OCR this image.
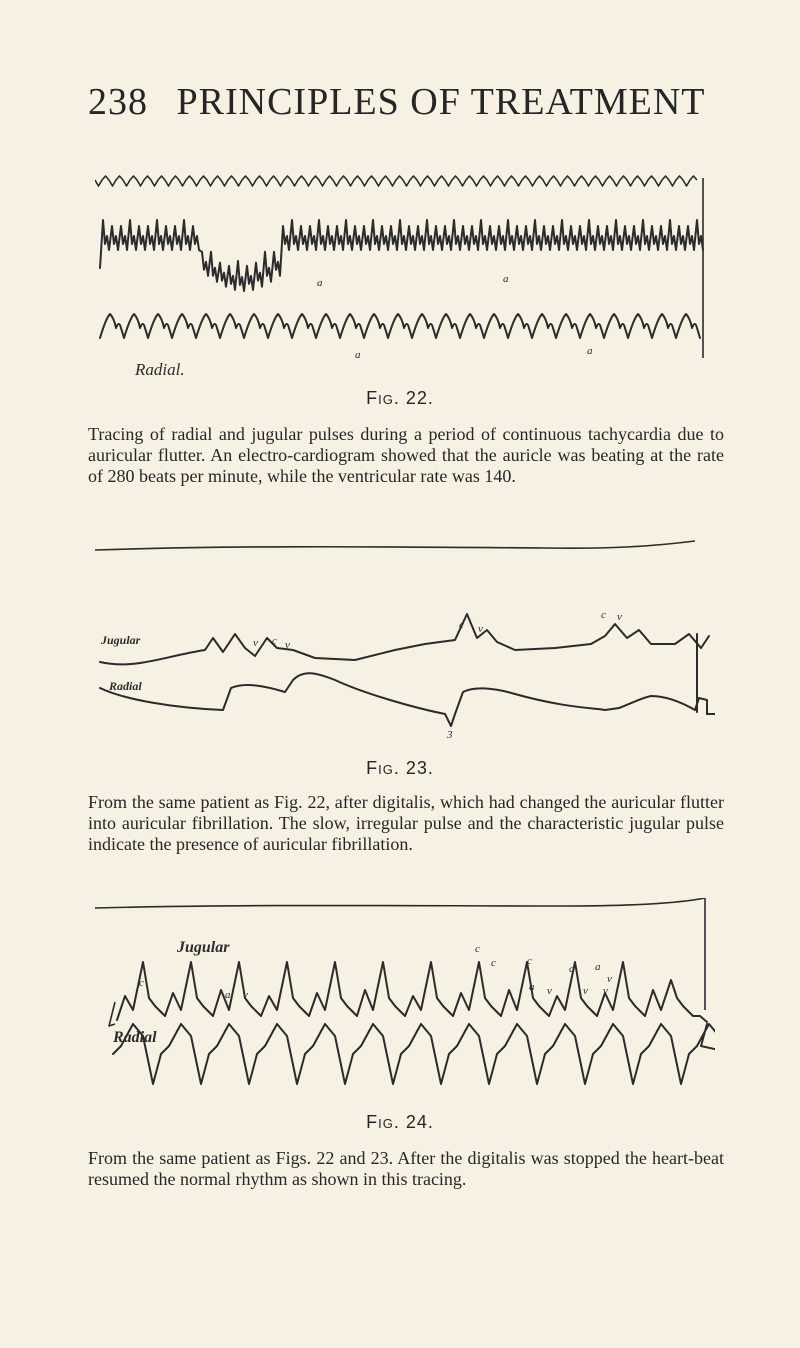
238 PRINCIPLES OF TREATMENT
a	a
a	a
Radial.
Fig. 22.
Tracing of radial and jugular pulses during a period of continuous tachycardia due to auricular flutter. An electro-cardiogram showed that the auricle was beating at the rate of 280 beats per minute, while the ventricular rate was 140.
Jugular
Radial
v c v
c v
c v
3
Fig. 23.
From the same patient as Fig. 22, after digitalis, which had changed the auricular flutter into auricular fibrillation. The slow, irregular pulse and the characteristic jugular pulse indicate the presence of auricular fibrillation.
Jugular
Radial
c
a v
c
a v
c
a
v
c
v
a
v
Fig. 24.
From the same patient as Figs. 22 and 23. After the digitalis was stopped the heart-beat resumed the normal rhythm as shown in this tracing.
